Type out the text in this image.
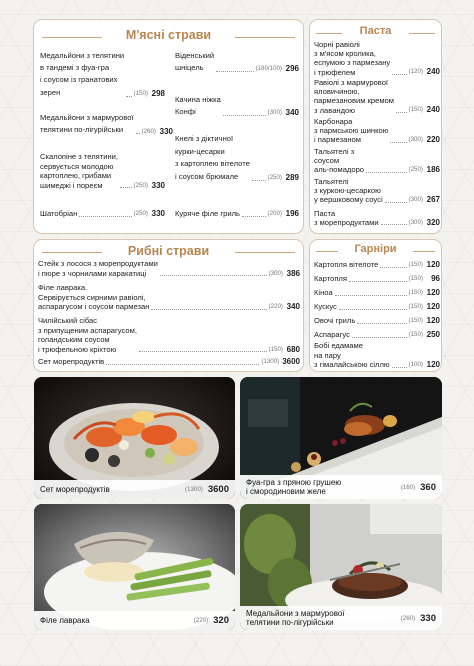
М'ясні страви
Медальйони з телятини
в тандемі з фуа-гра
і соусом із гранатових
зерен	(150) 298
Медальйони з мармурової
телятини по-лігурійськи	(260) 330
Скалопіне з телятини,
сервується молодою
картоплею, грибами
шимеджі і пореєм	(250) 330
Шатобріан	(250) 330
Віденський
шніцель	(180/100) 296
Качина ніжка
Конфі	(300) 340
Кнелі з діктичної
курки-цесарки
з картоплею вітелоте
і соусом брюмале	(250) 289
Куряче філе гриль	(200) 196
Паста
Чорні равіолі
з м'ясом кролика,
еспумою з пармезану
і трюфелем	(120) 240
Равіолі з мармурової
яловичиною,
пармезановим кремом
з лавандою	(150) 240
Карбонара
з пармською шинкою
і пармезаном	(300) 220
Тальятелі з
соусом
аль-помадоро	(250) 186
Тальятелі
з куркою-цесаркою
у вершковому соусі	(300) 267
Паста
з морепродуктами	(300) 320
Рибні страви
Стейк з лосося з морепродуктами
і пюре з чорнилами каракатиці	(300) 386
Філе лаврака.
Сервірується сирними равіолі,
аспарагусом і соусом пармезан	(220) 340
Чилійський сібас
з припущеним аспарагусом,
голандським соусом
і трюфельною кріхтою	(150) 680
Сет морепродуктів	(1300) 3600
Гарніри
Картопля вітелоте	(150) 120
Картопля	(150)	96
Кіноа	(150) 120
Кускус	(150) 120
Овочі гриль	(150) 120
Аспарагус	(150) 250
Бобі едамаме
на пару
з гімалайською сіллю	(100) 120
Сет морепродуктів	(1300) 3600
Фуа-гра з пряною грушею
і смородиновим желе	(160) 360
Філе лаврака	(220) 320
Медальйони з мармурової
телятини по-лігурійськи	(260) 330
